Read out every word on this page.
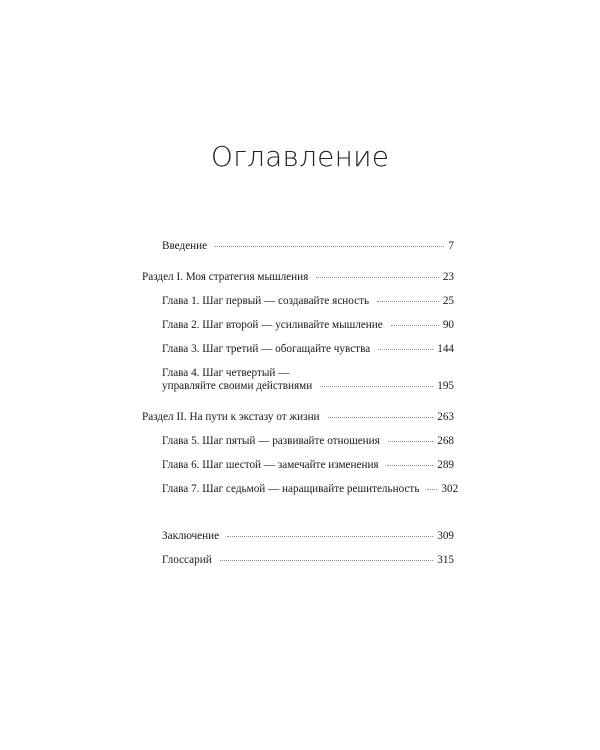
Оглавление
Введение	7
Раздел I. Моя стратегия мышления	23
Глава 1. Шаг первый — создавайте ясность	25
Глава 2. Шаг второй — усиливайте мышление	90
Глава 3. Шаг третий — обогащайте чувства	144
Глава 4. Шаг четвертый —
управляйте своими действиями	195
Раздел II. На пути к экстазу от жизни	263
Глава 5. Шаг пятый — развивайте отношения	268
Глава 6. Шаг шестой — замечайте изменения	289
Глава 7. Шаг седьмой — наращивайте решительность 302
Заключение	309
Глоссарий	315
